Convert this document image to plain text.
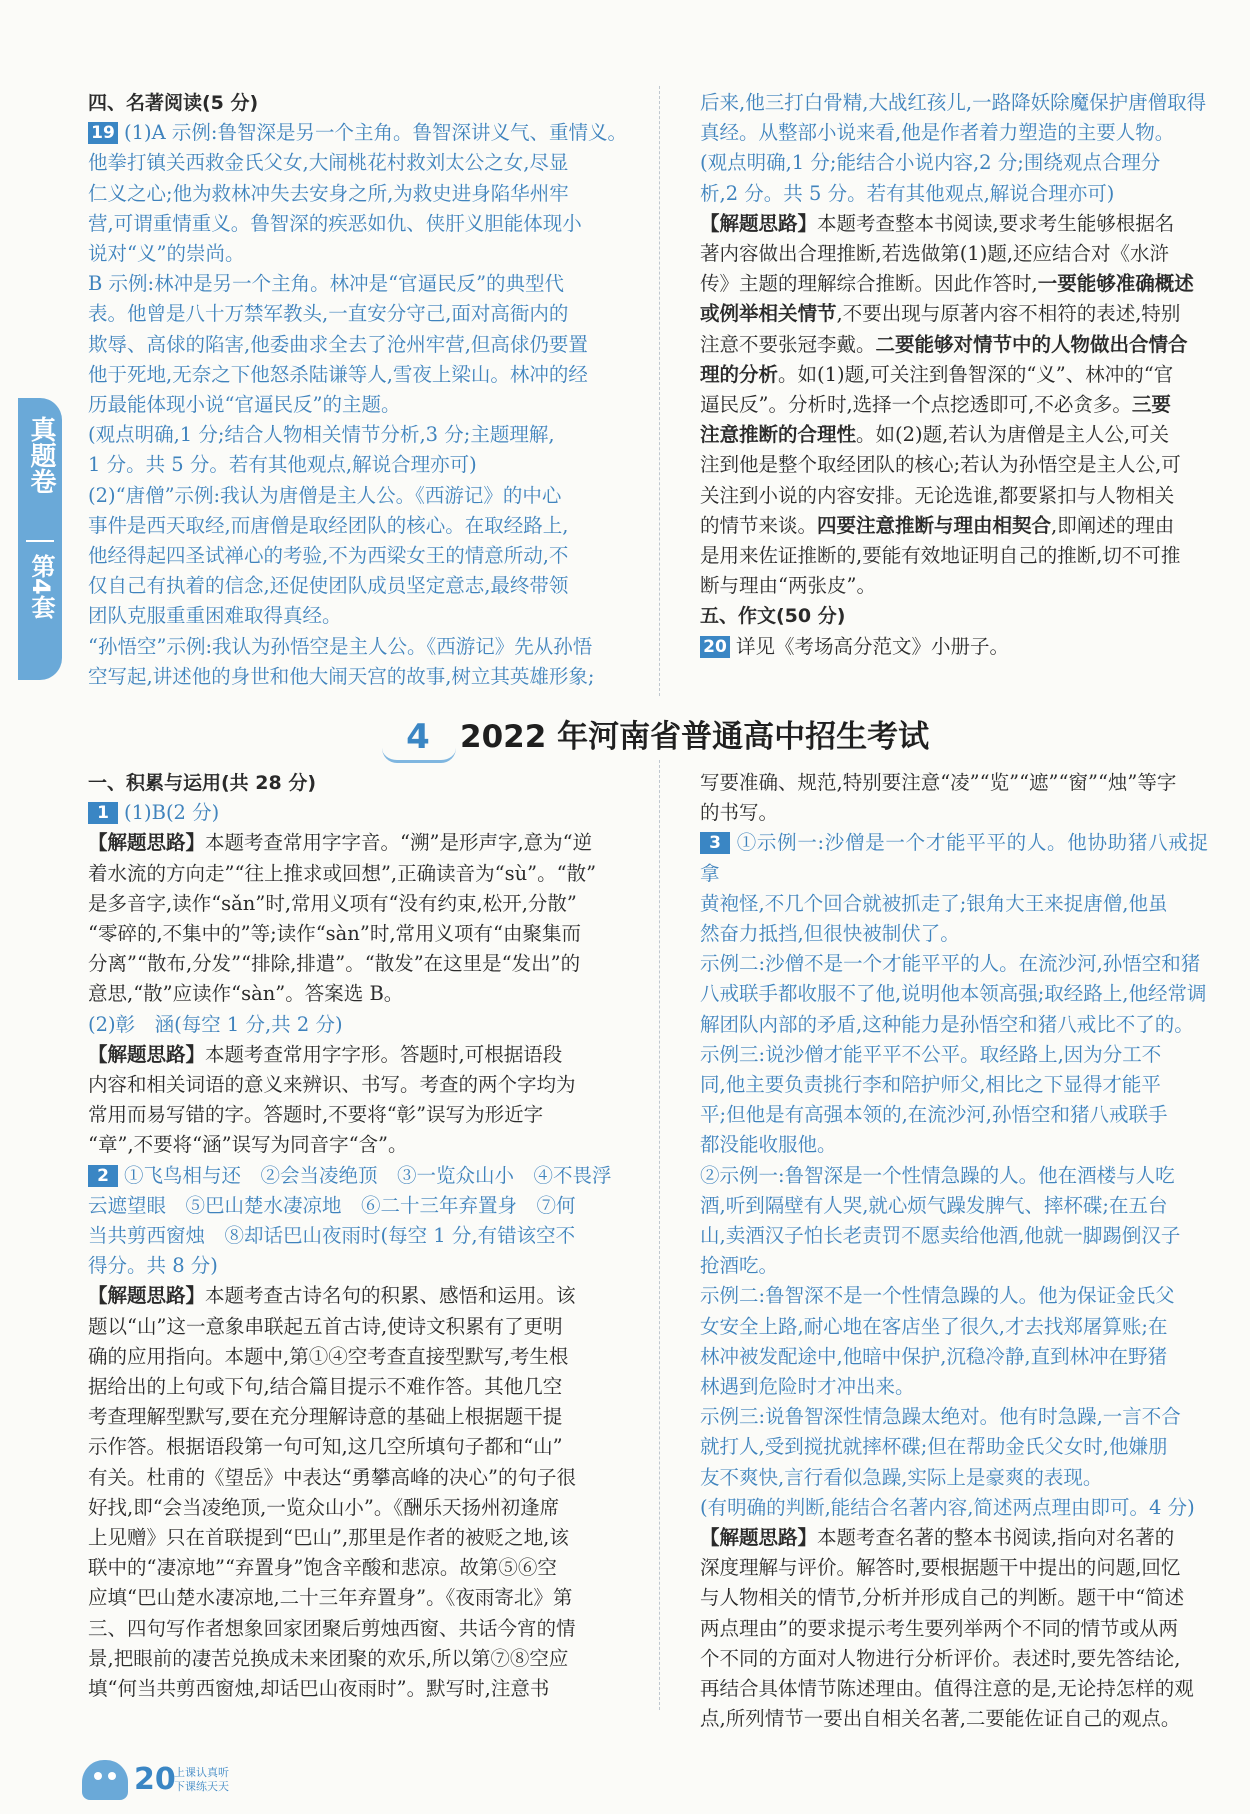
真题卷
第4套

四、名著阅读(5 分)

19 (1)A 示例:鲁智深是另一个主角。鲁智深讲义气、重情义。

他拳打镇关西救金氏父女,大闹桃花村救刘太公之女,尽显

仁义之心;他为救林冲失去安身之所,为救史进身陷华州牢

营,可谓重情重义。鲁智深的疾恶如仇、侠肝义胆能体现小

说对“义”的崇尚。

B 示例:林冲是另一个主角。林冲是“官逼民反”的典型代

表。他曾是八十万禁军教头,一直安分守己,面对高衙内的

欺辱、高俅的陷害,他委曲求全去了沧州牢营,但高俅仍要置

他于死地,无奈之下他怒杀陆谦等人,雪夜上梁山。林冲的经

历最能体现小说“官逼民反”的主题。

(观点明确,1 分;结合人物相关情节分析,3 分;主题理解,

1 分。共 5 分。若有其他观点,解说合理亦可)

(2)“唐僧”示例:我认为唐僧是主人公。《西游记》的中心

事件是西天取经,而唐僧是取经团队的核心。在取经路上,

他经得起四圣试禅心的考验,不为西梁女王的情意所动,不

仅自己有执着的信念,还促使团队成员坚定意志,最终带领

团队克服重重困难取得真经。

“孙悟空”示例:我认为孙悟空是主人公。《西游记》先从孙悟

空写起,讲述他的身世和他大闹天宫的故事,树立其英雄形象;

后来,他三打白骨精,大战红孩儿,一路降妖除魔保护唐僧取得

真经。从整部小说来看,他是作者着力塑造的主要人物。

(观点明确,1 分;能结合小说内容,2 分;围绕观点合理分

析,2 分。共 5 分。若有其他观点,解说合理亦可)

【解题思路】本题考查整本书阅读,要求考生能够根据名

著内容做出合理推断,若选做第(1)题,还应结合对《水浒

传》主题的理解综合推断。因此作答时,一要能够准确概述

或例举相关情节,不要出现与原著内容不相符的表述,特别

注意不要张冠李戴。二要能够对情节中的人物做出合情合

理的分析。如(1)题,可关注到鲁智深的“义”、林冲的“官

逼民反”。分析时,选择一个点挖透即可,不必贪多。三要

注意推断的合理性。如(2)题,若认为唐僧是主人公,可关

注到他是整个取经团队的核心;若认为孙悟空是主人公,可

关注到小说的内容安排。无论选谁,都要紧扣与人物相关

的情节来谈。四要注意推断与理由相契合,即阐述的理由

是用来佐证推断的,要能有效地证明自己的推断,切不可推

断与理由“两张皮”。

五、作文(50 分)

20 详见《考场高分范文》小册子。

4 2022 年河南省普通高中招生考试

一、积累与运用(共 28 分)

1 (1)B(2 分)

【解题思路】本题考查常用字字音。“溯”是形声字,意为“逆

着水流的方向走”“往上推求或回想”,正确读音为“sù”。“散”

是多音字,读作“sǎn”时,常用义项有“没有约束,松开,分散”

“零碎的,不集中的”等;读作“sàn”时,常用义项有“由聚集而

分离”“散布,分发”“排除,排遣”。“散发”在这里是“发出”的

意思,“散”应读作“sàn”。答案选 B。

(2)彰　涵(每空 1 分,共 2 分)

【解题思路】本题考查常用字字形。答题时,可根据语段

内容和相关词语的意义来辨识、书写。考查的两个字均为

常用而易写错的字。答题时,不要将“彰”误写为形近字

“章”,不要将“涵”误写为同音字“含”。

2 ①飞鸟相与还　②会当凌绝顶　③一览众山小　④不畏浮

云遮望眼　⑤巴山楚水凄凉地　⑥二十三年弃置身　⑦何

当共剪西窗烛　⑧却话巴山夜雨时(每空 1 分,有错该空不

得分。共 8 分)

【解题思路】本题考查古诗名句的积累、感悟和运用。该

题以“山”这一意象串联起五首古诗,使诗文积累有了更明

确的应用指向。本题中,第①④空考查直接型默写,考生根

据给出的上句或下句,结合篇目提示不难作答。其他几空

考查理解型默写,要在充分理解诗意的基础上根据题干提

示作答。根据语段第一句可知,这几空所填句子都和“山”

有关。杜甫的《望岳》中表达“勇攀高峰的决心”的句子很

好找,即“会当凌绝顶,一览众山小”。《酬乐天扬州初逢席

上见赠》只在首联提到“巴山”,那里是作者的被贬之地,该

联中的“凄凉地”“弃置身”饱含辛酸和悲凉。故第⑤⑥空

应填“巴山楚水凄凉地,二十三年弃置身”。《夜雨寄北》第

三、四句写作者想象回家团聚后剪烛西窗、共话今宵的情

景,把眼前的凄苦兑换成未来团聚的欢乐,所以第⑦⑧空应

填“何当共剪西窗烛,却话巴山夜雨时”。默写时,注意书

写要准确、规范,特别要注意“凌”“览”“遮”“窗”“烛”等字

的书写。

3 ①示例一:沙僧是一个才能平平的人。他协助猪八戒捉拿

黄袍怪,不几个回合就被抓走了;银角大王来捉唐僧,他虽

然奋力抵挡,但很快被制伏了。

示例二:沙僧不是一个才能平平的人。在流沙河,孙悟空和猪

八戒联手都收服不了他,说明他本领高强;取经路上,他经常调

解团队内部的矛盾,这种能力是孙悟空和猪八戒比不了的。

示例三:说沙僧才能平平不公平。取经路上,因为分工不

同,他主要负责挑行李和陪护师父,相比之下显得才能平

平;但他是有高强本领的,在流沙河,孙悟空和猪八戒联手

都没能收服他。

②示例一:鲁智深是一个性情急躁的人。他在酒楼与人吃

酒,听到隔壁有人哭,就心烦气躁发脾气、摔杯碟;在五台

山,卖酒汉子怕长老责罚不愿卖给他酒,他就一脚踢倒汉子

抢酒吃。

示例二:鲁智深不是一个性情急躁的人。他为保证金氏父

女安全上路,耐心地在客店坐了很久,才去找郑屠算账;在

林冲被发配途中,他暗中保护,沉稳冷静,直到林冲在野猪

林遇到危险时才冲出来。

示例三:说鲁智深性情急躁太绝对。他有时急躁,一言不合

就打人,受到搅扰就摔杯碟;但在帮助金氏父女时,他嫌朋

友不爽快,言行看似急躁,实际上是豪爽的表现。

(有明确的判断,能结合名著内容,简述两点理由即可。4 分)

【解题思路】本题考查名著的整本书阅读,指向对名著的

深度理解与评价。解答时,要根据题干中提出的问题,回忆

与人物相关的情节,分析并形成自己的判断。题干中“简述

两点理由”的要求提示考生要列举两个不同的情节或从两

个不同的方面对人物进行分析评价。表述时,要先答结论,

再结合具体情节陈述理由。值得注意的是,无论持怎样的观

点,所列情节一要出自相关名著,二要能佐证自己的观点。

20
上课认真听
下课练天天
